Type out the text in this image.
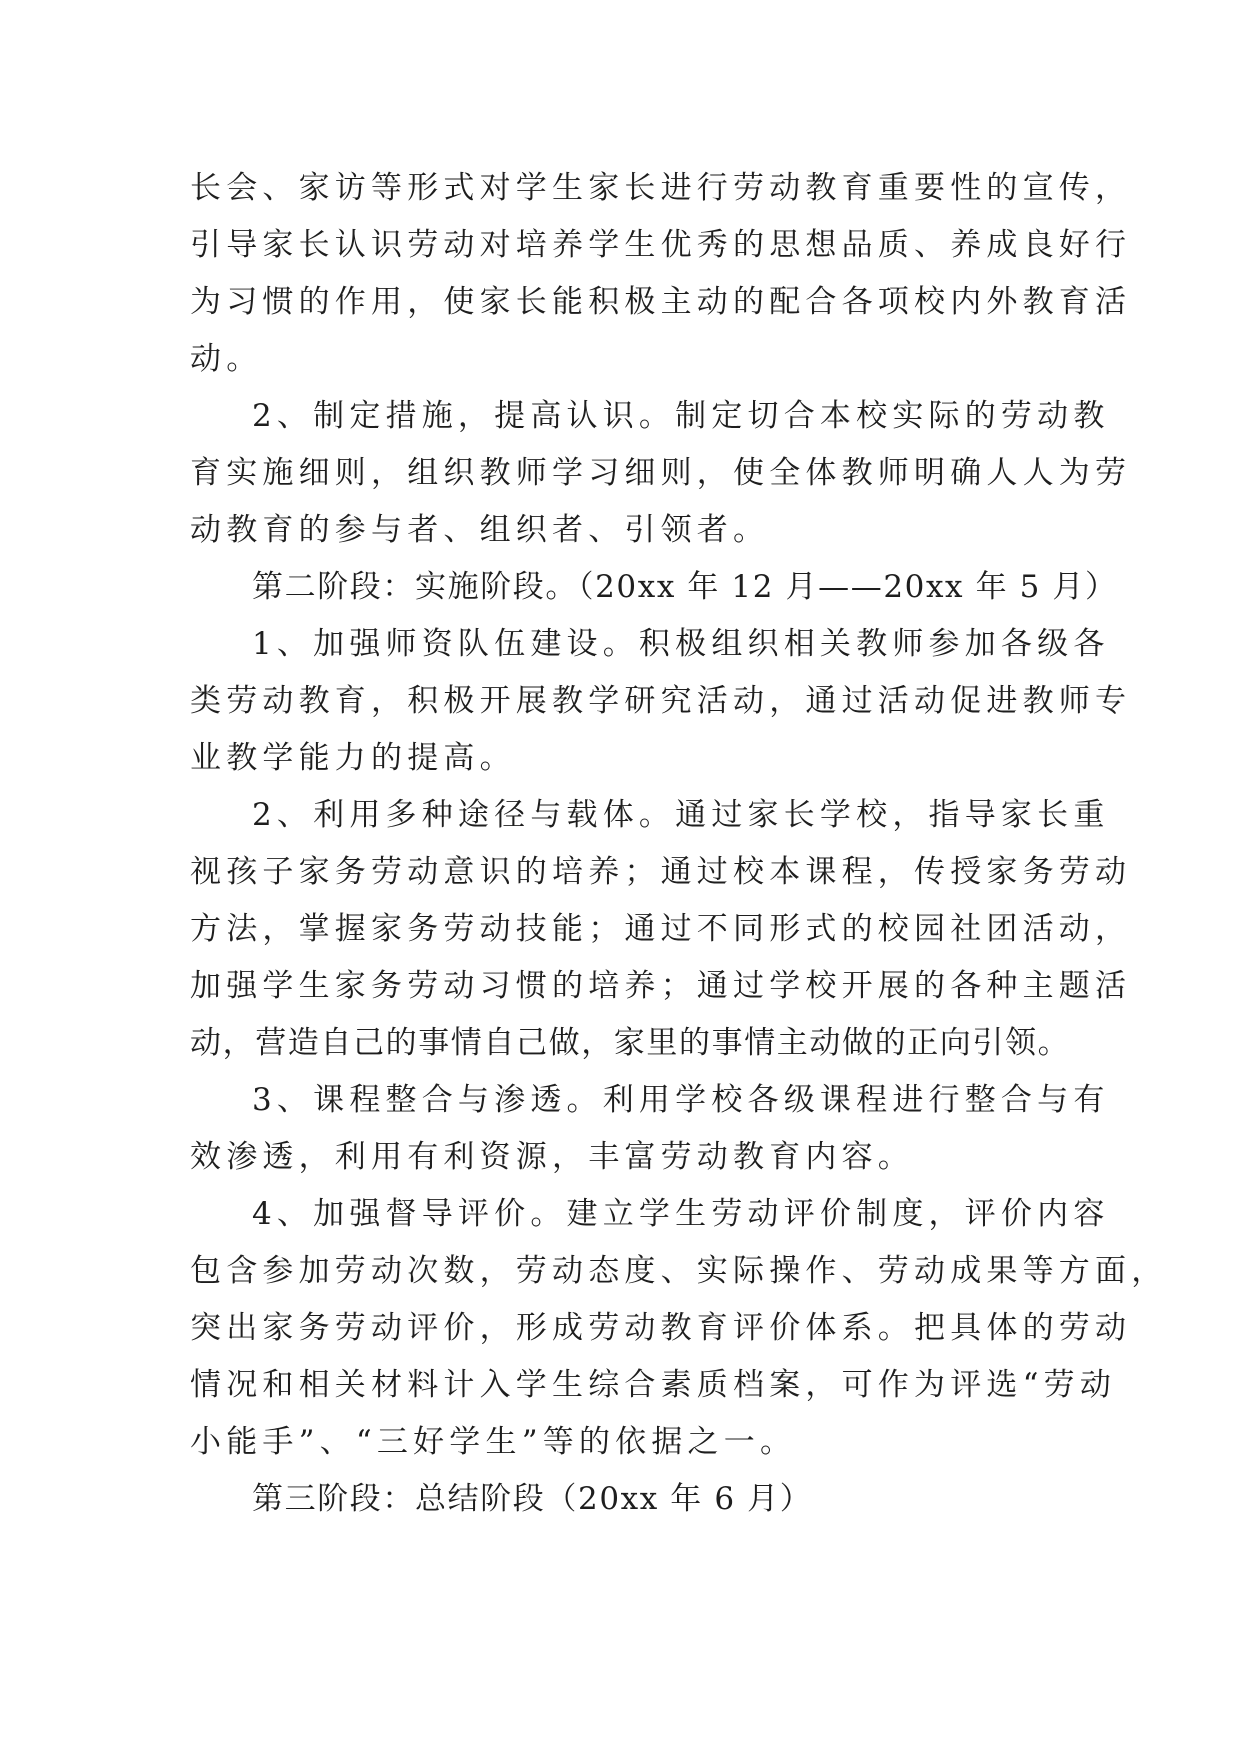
长会、家访等形式对学生家长进行劳动教育重要性的宣传，
引导家长认识劳动对培养学生优秀的思想品质、养成良好行
为习惯的作用，使家长能积极主动的配合各项校内外教育活
动。
2、制定措施，提高认识。制定切合本校实际的劳动教
育实施细则，组织教师学习细则，使全体教师明确人人为劳
动教育的参与者、组织者、引领者。
第二阶段：实施阶段。（20xx 年 12 月——20xx 年 5 月）
1、加强师资队伍建设。积极组织相关教师参加各级各
类劳动教育，积极开展教学研究活动，通过活动促进教师专
业教学能力的提高。
2、利用多种途径与载体。通过家长学校，指导家长重
视孩子家务劳动意识的培养；通过校本课程，传授家务劳动
方法，掌握家务劳动技能；通过不同形式的校园社团活动，
加强学生家务劳动习惯的培养；通过学校开展的各种主题活
动，营造自己的事情自己做，家里的事情主动做的正向引领。
3、课程整合与渗透。利用学校各级课程进行整合与有
效渗透，利用有利资源，丰富劳动教育内容。
4、加强督导评价。建立学生劳动评价制度，评价内容
包含参加劳动次数，劳动态度、实际操作、劳动成果等方面，
突出家务劳动评价，形成劳动教育评价体系。把具体的劳动
情况和相关材料计入学生综合素质档案，可作为评选“劳动
小能手”、“三好学生”等的依据之一。
第三阶段：总结阶段（20xx 年 6 月）
